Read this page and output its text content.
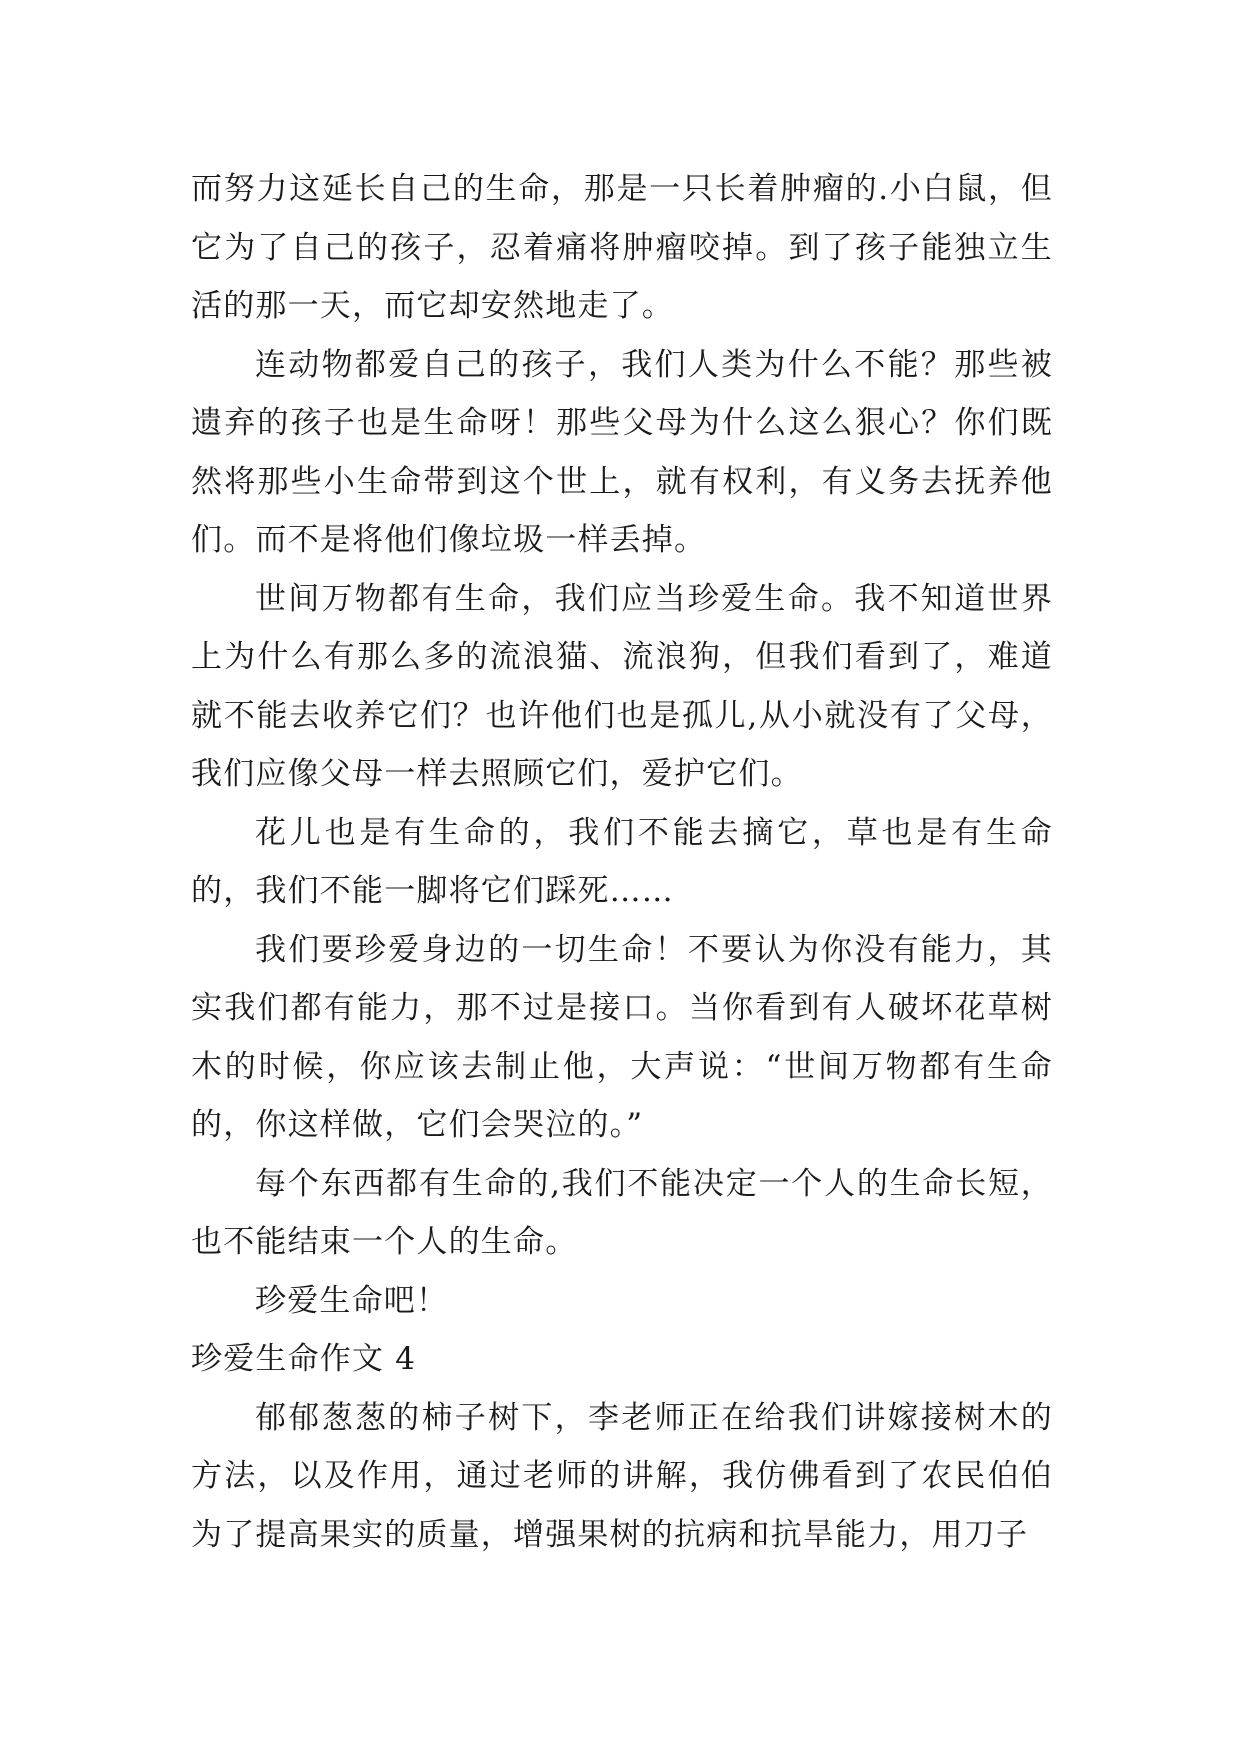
而努力这延长自己的生命，那是一只长着肿瘤的.小白鼠，但它为了自己的孩子，忍着痛将肿瘤咬掉。到了孩子能独立生活的那一天，而它却安然地走了。

连动物都爱自己的孩子，我们人类为什么不能？那些被遗弃的孩子也是生命呀！那些父母为什么这么狠心？你们既然将那些小生命带到这个世上，就有权利，有义务去抚养他们。而不是将他们像垃圾一样丢掉。

世间万物都有生命，我们应当珍爱生命。我不知道世界上为什么有那么多的流浪猫、流浪狗，但我们看到了，难道就不能去收养它们？也许他们也是孤儿,从小就没有了父母，我们应像父母一样去照顾它们，爱护它们。

花儿也是有生命的，我们不能去摘它，草也是有生命的，我们不能一脚将它们踩死……

我们要珍爱身边的一切生命！不要认为你没有能力，其实我们都有能力，那不过是接口。当你看到有人破坏花草树木的时候，你应该去制止他，大声说：“世间万物都有生命的，你这样做，它们会哭泣的。”

每个东西都有生命的,我们不能决定一个人的生命长短，也不能结束一个人的生命。

珍爱生命吧！

珍爱生命作文 4

郁郁葱葱的柿子树下，李老师正在给我们讲嫁接树木的方法，以及作用，通过老师的讲解，我仿佛看到了农民伯伯为了提高果实的质量，增强果树的抗病和抗旱能力，用刀子
